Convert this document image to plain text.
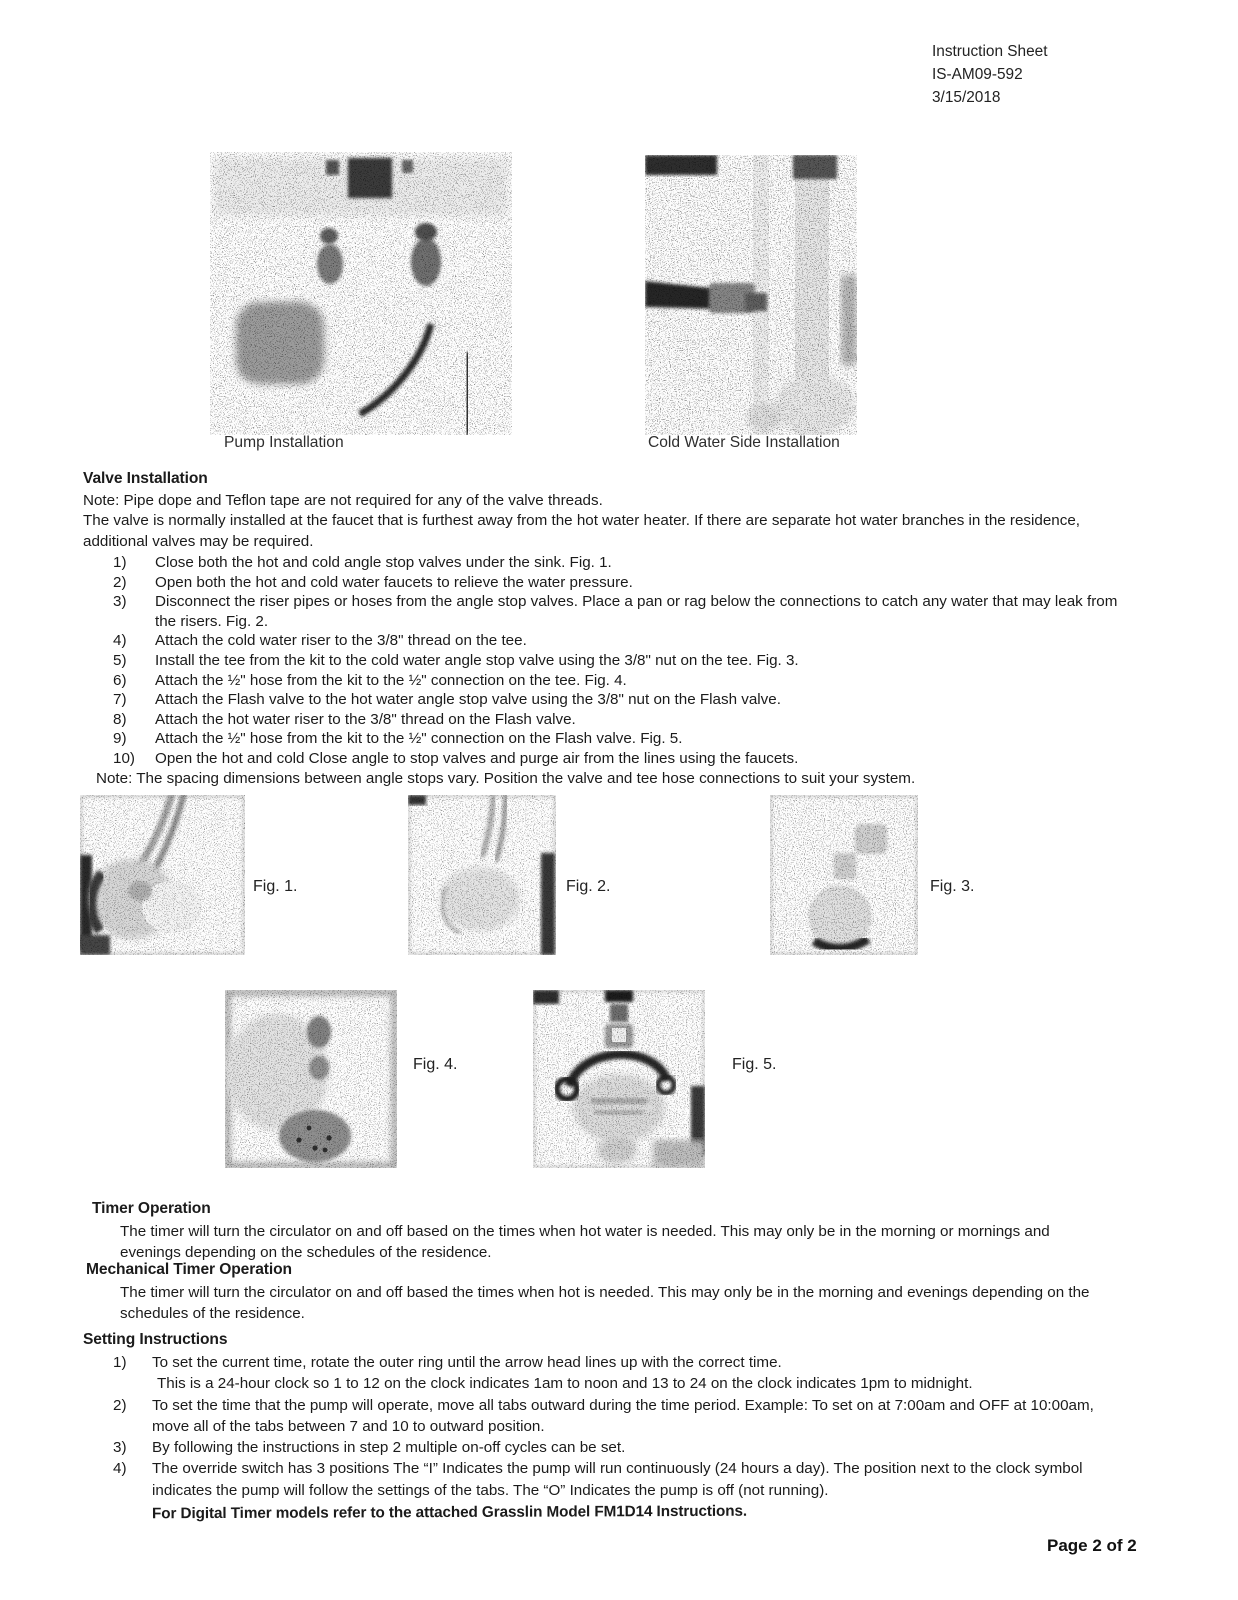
Instruction Sheet
IS-AM09-592
3/15/2018
Pump Installation	Cold Water Side Installation
Valve Installation
Note: Pipe dope and Teflon tape are not required for any of the valve threads.
The valve is normally installed at the faucet that is furthest away from the hot water heater. If there are separate hot water branches in the residence, additional valves may be required.
1)	Close both the hot and cold angle stop valves under the sink. Fig. 1.
2)	Open both the hot and cold water faucets to relieve the water pressure.
3)	Disconnect the riser pipes or hoses from the angle stop valves. Place a pan or rag below the connections to catch any water that may leak from the risers. Fig. 2.
4)	Attach the cold water riser to the 3/8" thread on the tee.
5)	Install the tee from the kit to the cold water angle stop valve using the 3/8" nut on the tee. Fig. 3.
6)	Attach the ½" hose from the kit to the ½" connection on the tee. Fig. 4.
7)	Attach the Flash valve to the hot water angle stop valve using the 3/8" nut on the Flash valve.
8)	Attach the hot water riser to the 3/8" thread on the Flash valve.
9)	Attach the ½" hose from the kit to the ½" connection on the Flash valve. Fig. 5.
10)	Open the hot and cold Close angle to stop valves and purge air from the lines using the faucets.
Note: The spacing dimensions between angle stops vary. Position the valve and tee hose connections to suit your system.
Fig. 1.	Fig. 2.	Fig. 3.
Fig. 4.	Fig. 5.
Timer Operation
The timer will turn the circulator on and off based on the times when hot water is needed. This may only be in the morning or mornings and evenings depending on the schedules of the residence.
Mechanical Timer Operation
The timer will turn the circulator on and off based the times when hot is needed. This may only be in the morning and evenings depending on the schedules of the residence.
Setting Instructions
1)	To set the current time, rotate the outer ring until the arrow head lines up with the correct time.
This is a 24-hour clock so 1 to 12 on the clock indicates 1am to noon and 13 to 24 on the clock indicates 1pm to midnight.
2)	To set the time that the pump will operate, move all tabs outward during the time period. Example: To set on at 7:00am and OFF at 10:00am, move all of the tabs between 7 and 10 to outward position.
3)	By following the instructions in step 2 multiple on-off cycles can be set.
4)	The override switch has 3 positions The “I” Indicates the pump will run continuously (24 hours a day). The position next to the clock symbol indicates the pump will follow the settings of the tabs. The “O” Indicates the pump is off (not running).
For Digital Timer models refer to the attached Grasslin Model FM1D14 Instructions.
Page 2 of 2
